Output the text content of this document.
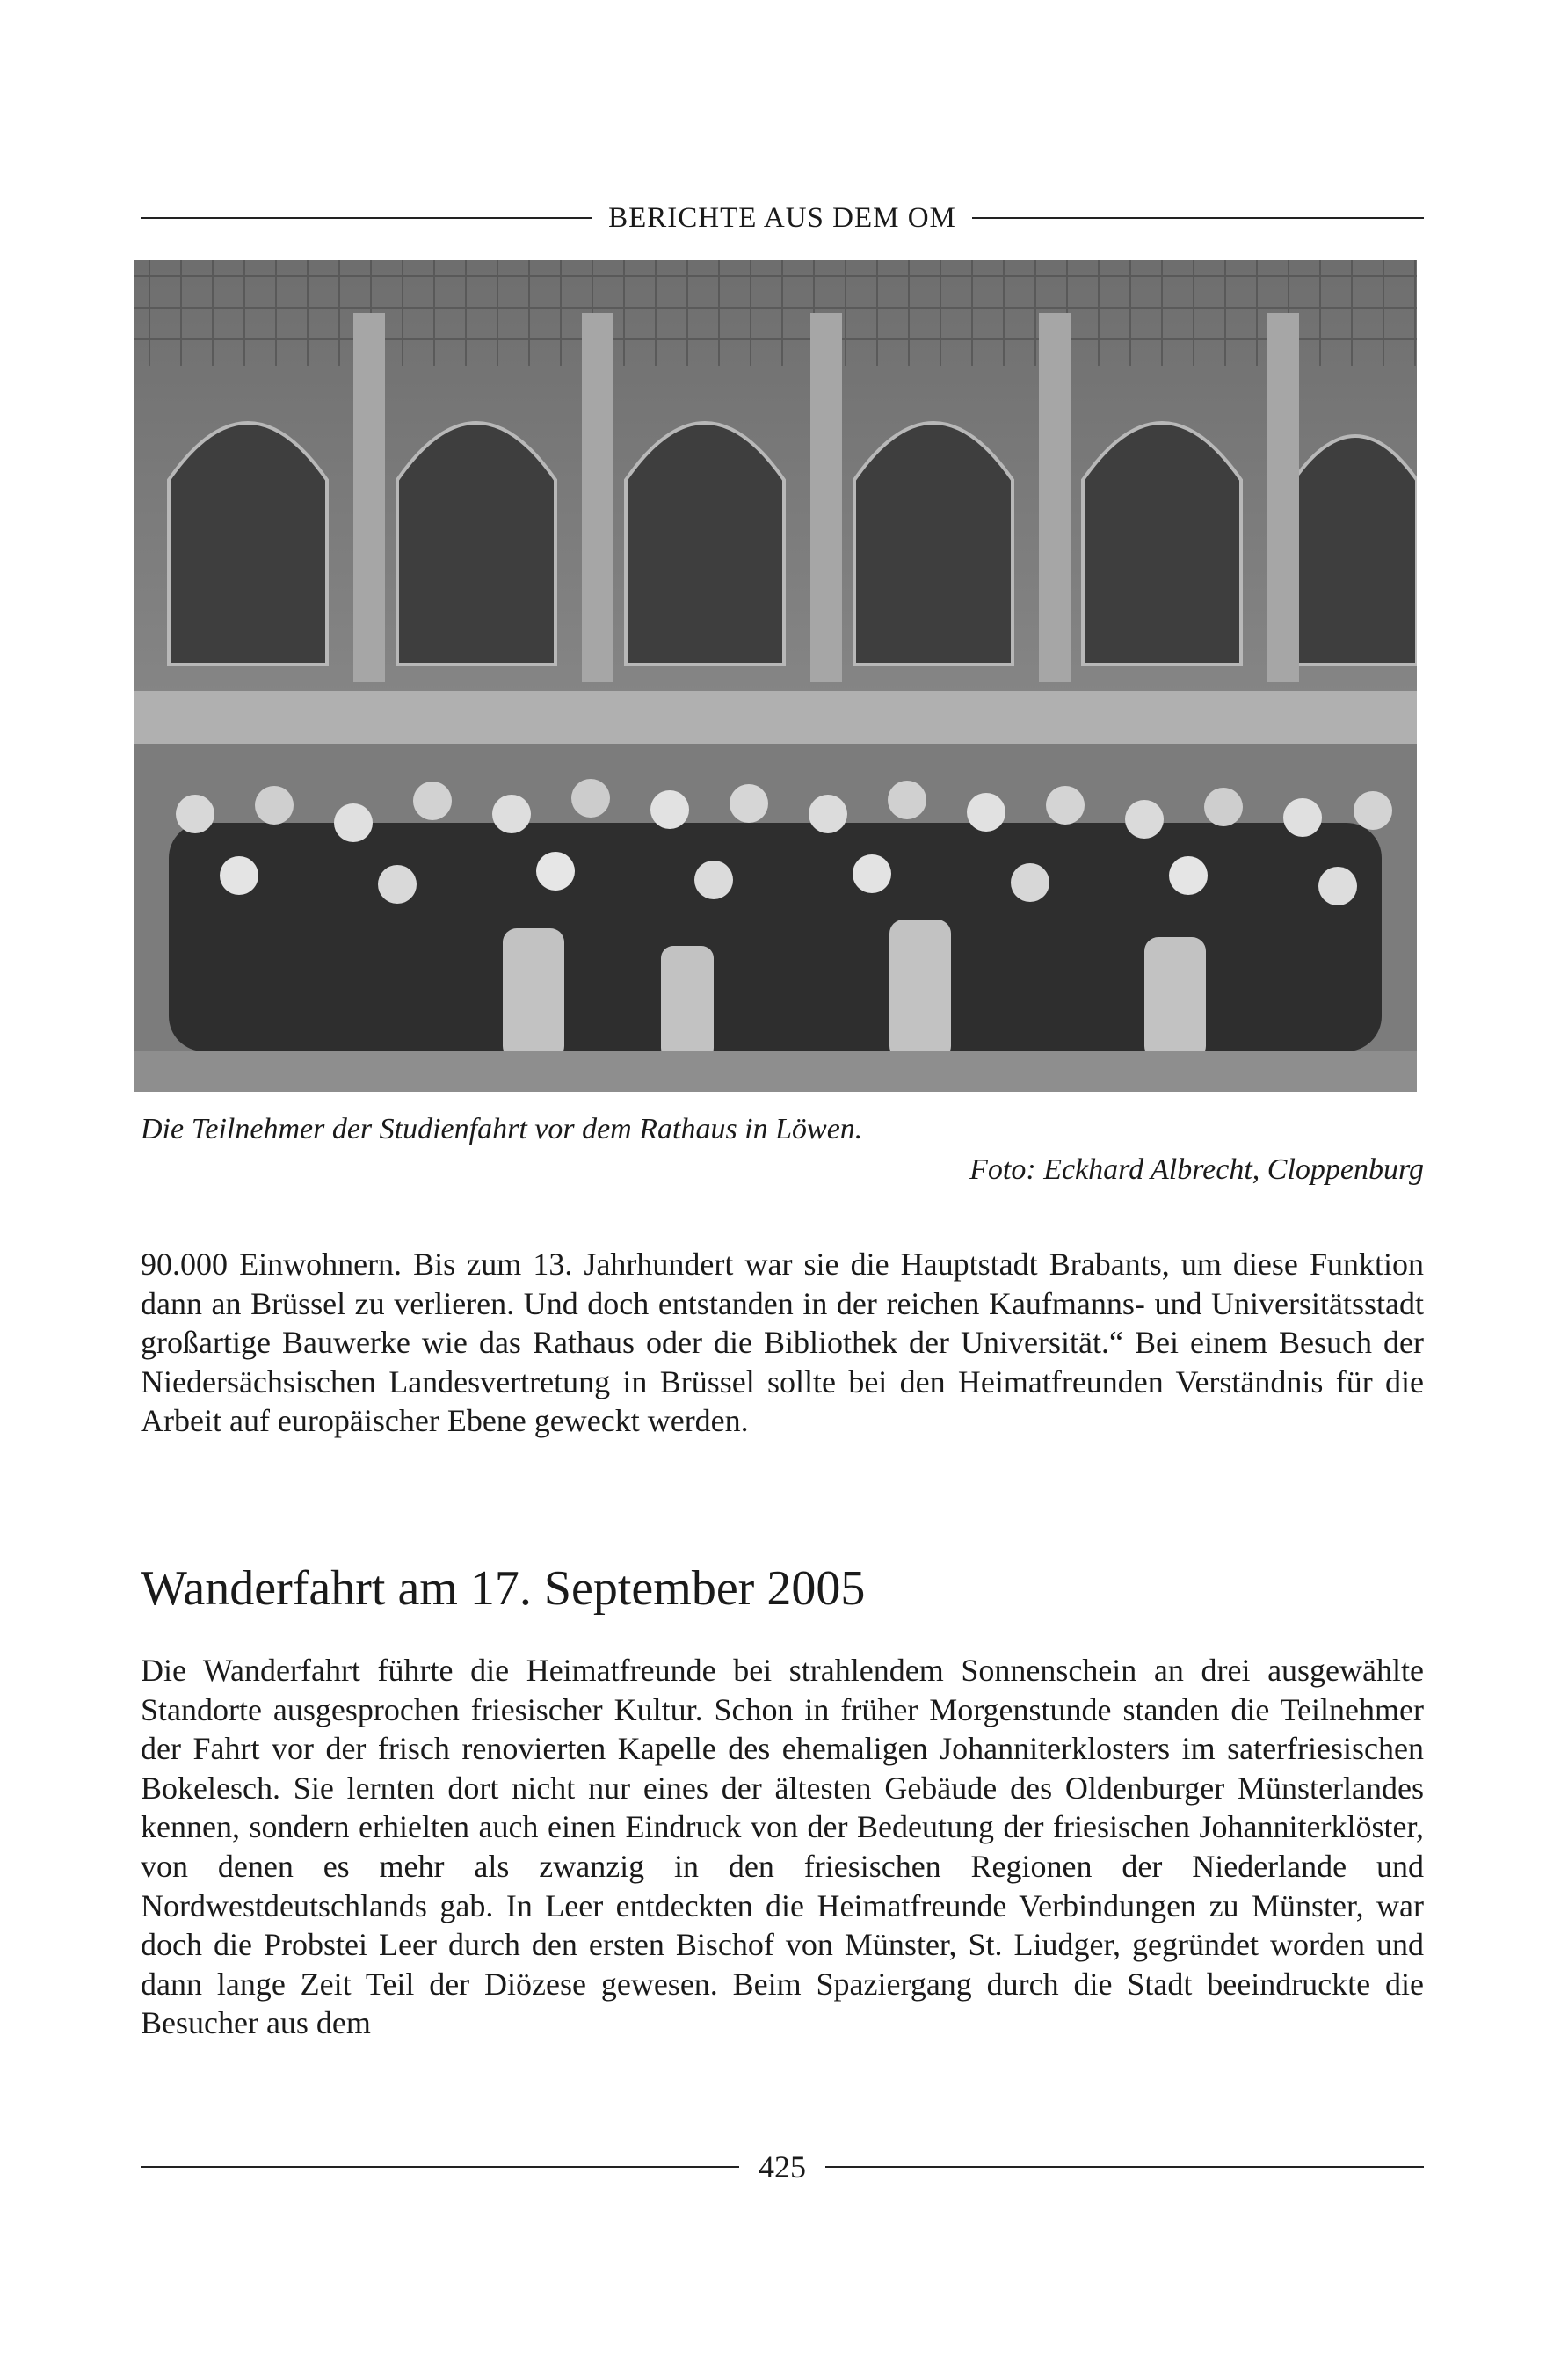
BERICHTE AUS DEM OM
Die Teilnehmer der Studienfahrt vor dem Rathaus in Löwen.
Foto: Eckhard Albrecht, Cloppenburg

90.000 Einwohnern. Bis zum 13. Jahrhundert war sie die Hauptstadt Brabants, um diese Funktion dann an Brüssel zu verlieren. Und doch entstanden in der reichen Kaufmanns- und Universitätsstadt großartige Bauwerke wie das Rathaus oder die Bibliothek der Universität.“ Bei einem Besuch der Niedersächsischen Landesvertretung in Brüssel sollte bei den Heimatfreunden Verständnis für die Arbeit auf europäischer Ebene geweckt werden.

Wanderfahrt am 17. September 2005

Die Wanderfahrt führte die Heimatfreunde bei strahlendem Sonnenschein an drei ausgewählte Standorte ausgesprochen friesischer Kultur. Schon in früher Morgenstunde standen die Teilnehmer der Fahrt vor der frisch renovierten Kapelle des ehemaligen Johanniterklosters im saterfriesischen Bokelesch. Sie lernten dort nicht nur eines der ältesten Gebäude des Oldenburger Münsterlandes kennen, sondern erhielten auch einen Eindruck von der Bedeutung der friesischen Johanniterklöster, von denen es mehr als zwanzig in den friesischen Regionen der Niederlande und Nordwestdeutschlands gab. In Leer entdeckten die Heimatfreunde Verbindungen zu Münster, war doch die Probstei Leer durch den ersten Bischof von Münster, St. Liudger, gegründet worden und dann lange Zeit Teil der Diözese gewesen. Beim Spaziergang durch die Stadt beeindruckte die Besucher aus dem

425
